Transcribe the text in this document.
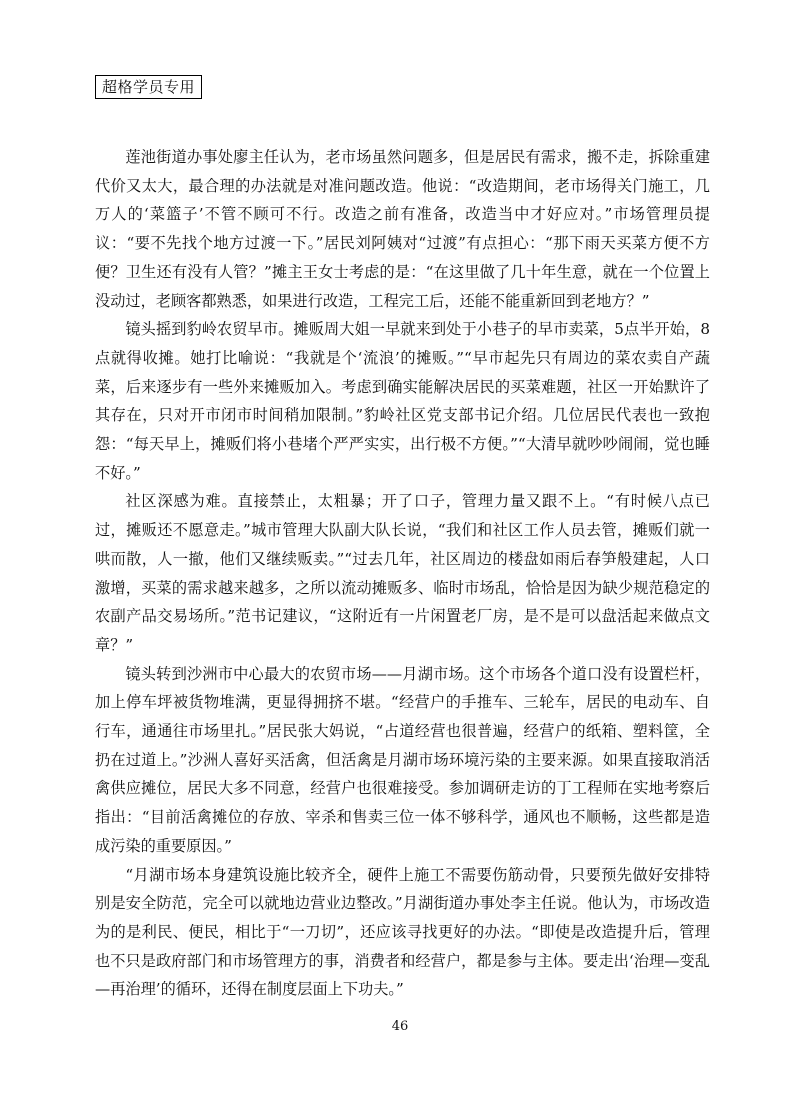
超格学员专用

莲池街道办事处廖主任认为，老市场虽然问题多，但是居民有需求，搬不走，拆除重建代价又太大，最合理的办法就是对准问题改造。他说：“改造期间，老市场得关门施工，几万人的‘菜篮子’不管不顾可不行。改造之前有准备，改造当中才好应对。”市场管理员提议：“要不先找个地方过渡一下。”居民刘阿姨对“过渡”有点担心：“那下雨天买菜方便不方便？卫生还有没有人管？”摊主王女士考虑的是：“在这里做了几十年生意，就在一个位置上没动过，老顾客都熟悉，如果进行改造，工程完工后，还能不能重新回到老地方？”

镜头摇到豹岭农贸早市。摊贩周大姐一早就来到处于小巷子的早市卖菜，5点半开始，8点就得收摊。她打比喻说：“我就是个‘流浪’的摊贩。”“早市起先只有周边的菜农卖自产蔬菜，后来逐步有一些外来摊贩加入。考虑到确实能解决居民的买菜难题，社区一开始默许了其存在，只对开市闭市时间稍加限制。”豹岭社区党支部书记介绍。几位居民代表也一致抱怨：“每天早上，摊贩们将小巷堵个严严实实，出行极不方便。”“大清早就吵吵闹闹，觉也睡不好。”

社区深感为难。直接禁止，太粗暴；开了口子，管理力量又跟不上。“有时候八点已过，摊贩还不愿意走。”城市管理大队副大队长说，“我们和社区工作人员去管，摊贩们就一哄而散，人一撤，他们又继续贩卖。”“过去几年，社区周边的楼盘如雨后春笋般建起，人口激增，买菜的需求越来越多，之所以流动摊贩多、临时市场乱，恰恰是因为缺少规范稳定的农副产品交易场所。”范书记建议，“这附近有一片闲置老厂房，是不是可以盘活起来做点文章？”

镜头转到沙洲市中心最大的农贸市场——月湖市场。这个市场各个道口没有设置栏杆，加上停车坪被货物堆满，更显得拥挤不堪。“经营户的手推车、三轮车，居民的电动车、自行车，通通往市场里扎。”居民张大妈说，“占道经营也很普遍，经营户的纸箱、塑料筐，全扔在过道上。”沙洲人喜好买活禽，但活禽是月湖市场环境污染的主要来源。如果直接取消活禽供应摊位，居民大多不同意，经营户也很难接受。参加调研走访的丁工程师在实地考察后指出：“目前活禽摊位的存放、宰杀和售卖三位一体不够科学，通风也不顺畅，这些都是造成污染的重要原因。”

“月湖市场本身建筑设施比较齐全，硬件上施工不需要伤筋动骨，只要预先做好安排特别是安全防范，完全可以就地边营业边整改。”月湖街道办事处李主任说。他认为，市场改造为的是利民、便民，相比于“一刀切”，还应该寻找更好的办法。“即使是改造提升后，管理也不只是政府部门和市场管理方的事，消费者和经营户，都是参与主体。要走出‘治理—变乱—再治理’的循环，还得在制度层面上下功夫。”

46
